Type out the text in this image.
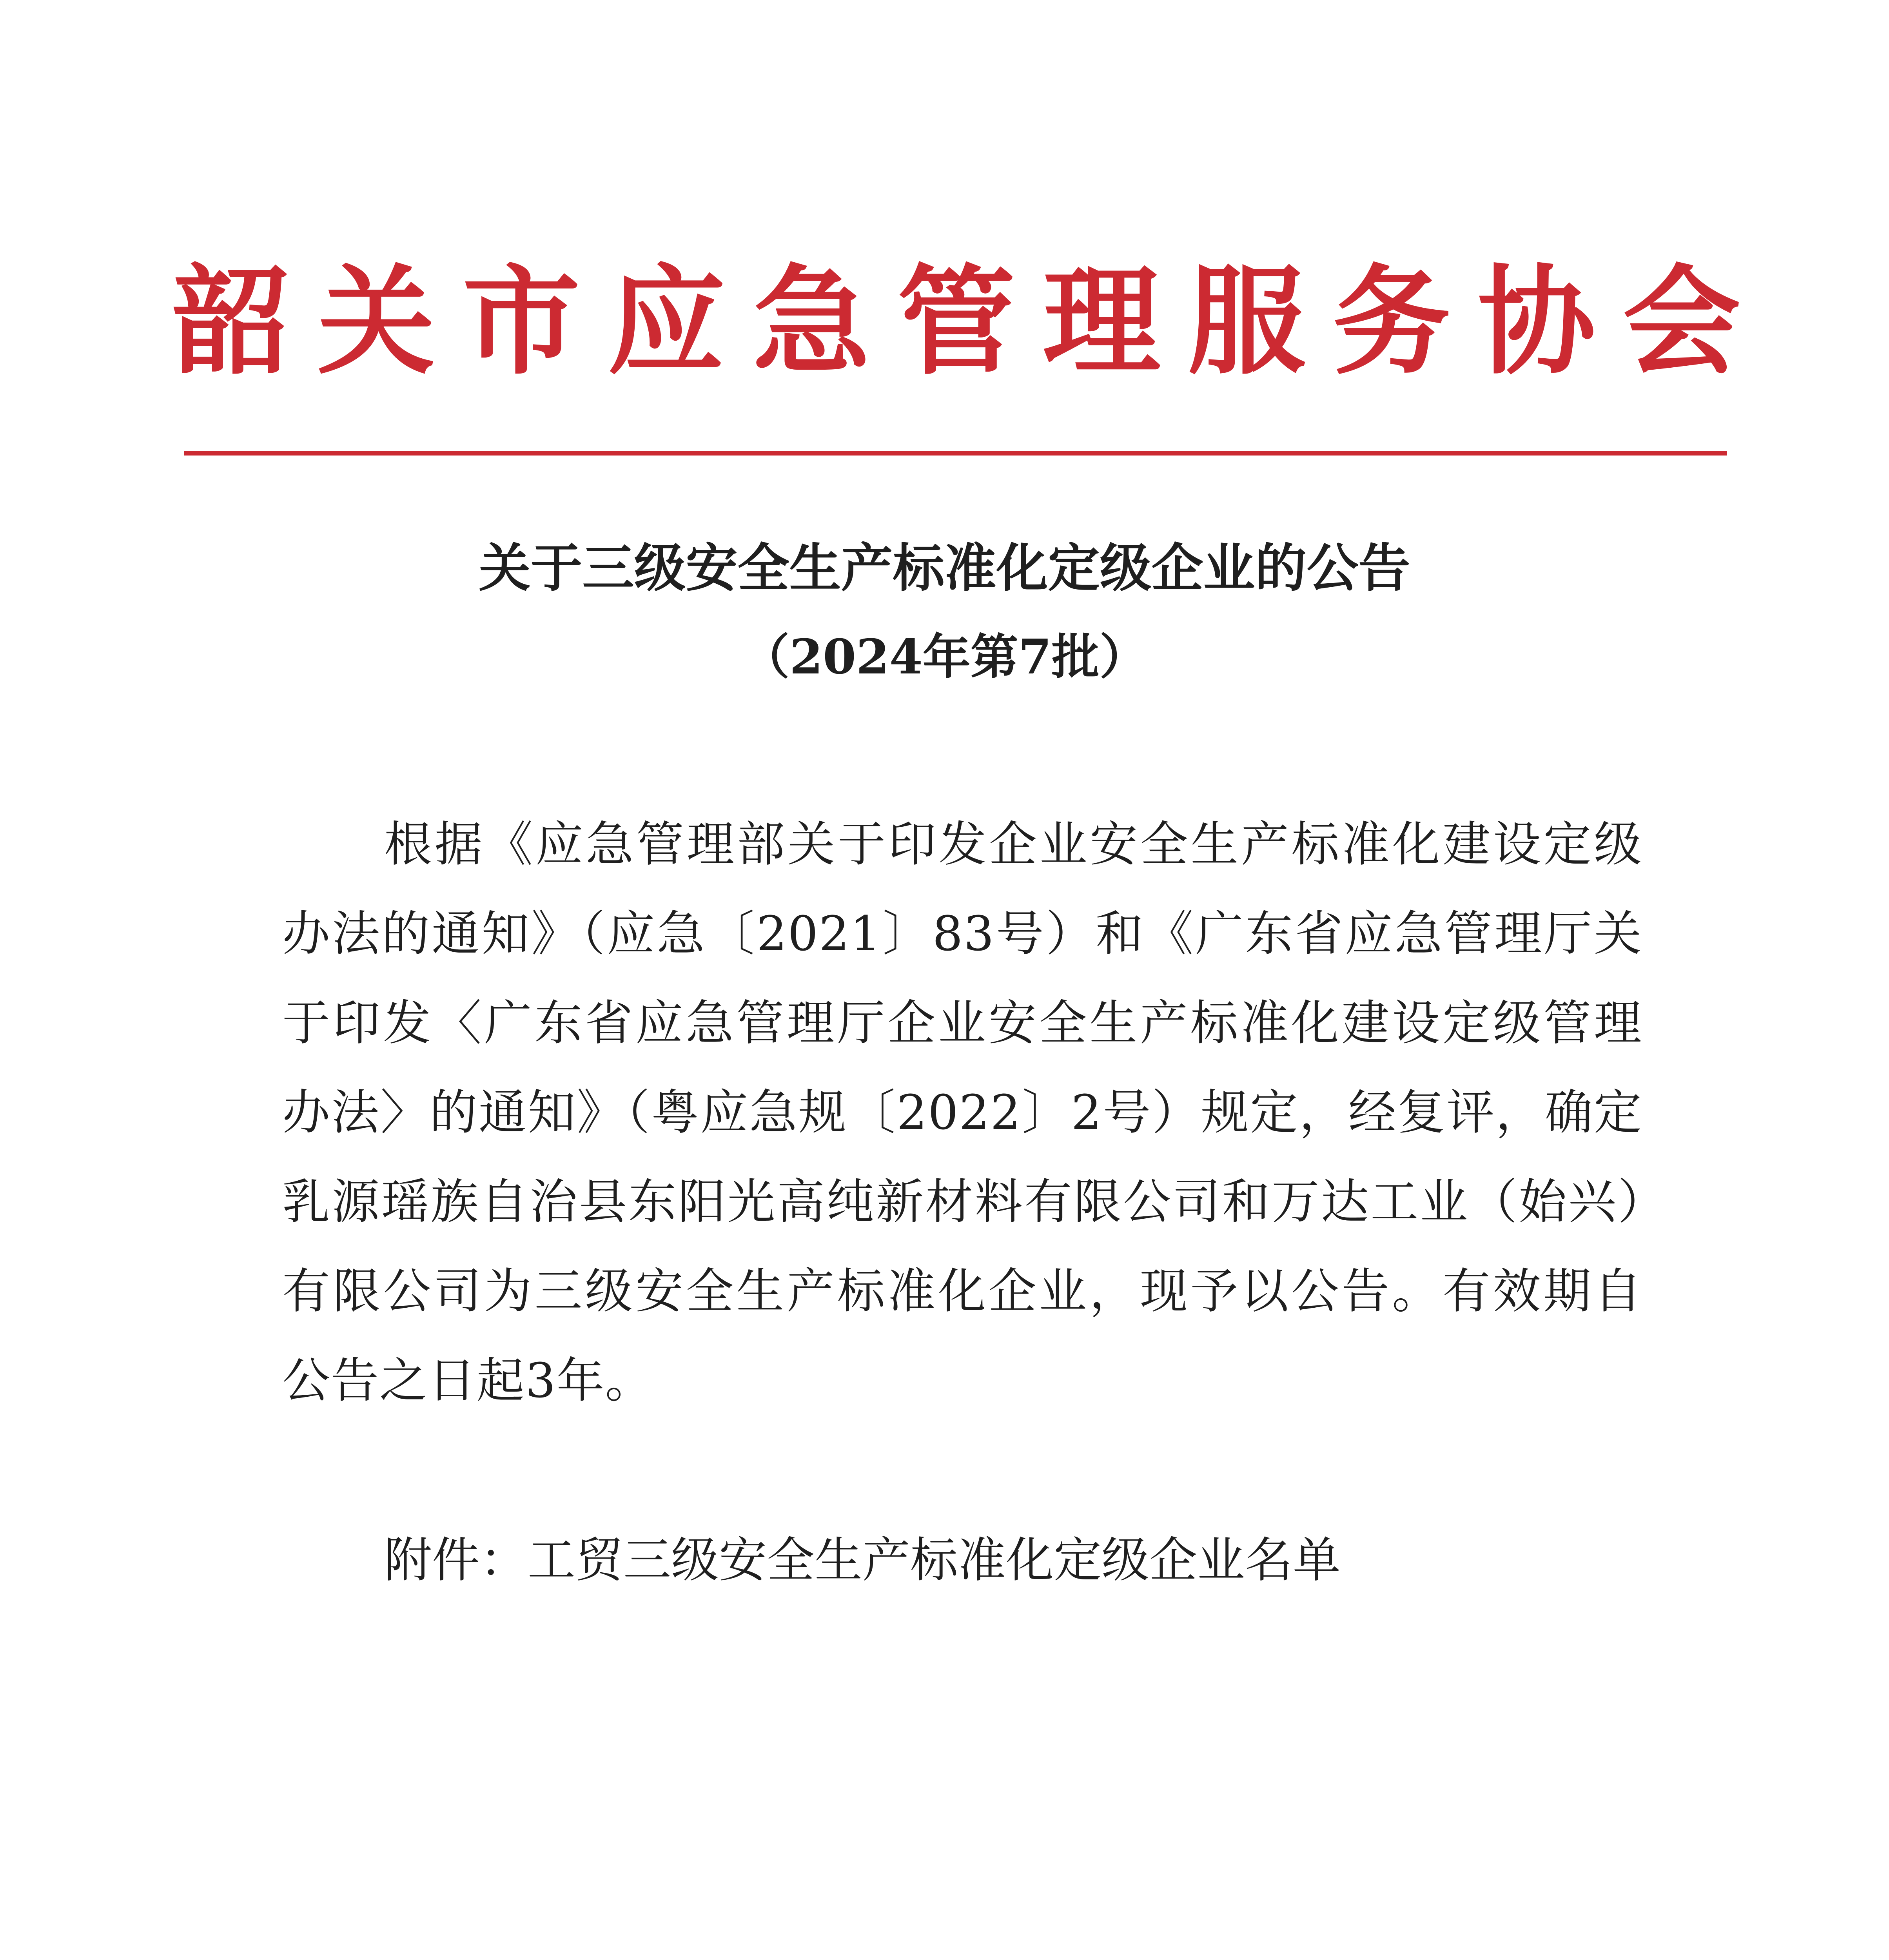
韶 关 市 应 急 管 理 服 务 协 会
关于三级安全生产标准化定级企业的公告
（2024年第7批）

根据《应急管理部关于印发企业安全生产标准化建设定级办法的通知》（应急〔2021〕83号）和《广东省应急管理厅关于印发〈广东省应急管理厅企业安全生产标准化建设定级管理办法〉的通知》（粤应急规〔2022〕2号）规定，经复评，确定乳源瑶族自治县东阳光高纯新材料有限公司和万达工业（始兴）有限公司为三级安全生产标准化企业，现予以公告。有效期自公告之日起3年。

附件：工贸三级安全生产标准化定级企业名单
